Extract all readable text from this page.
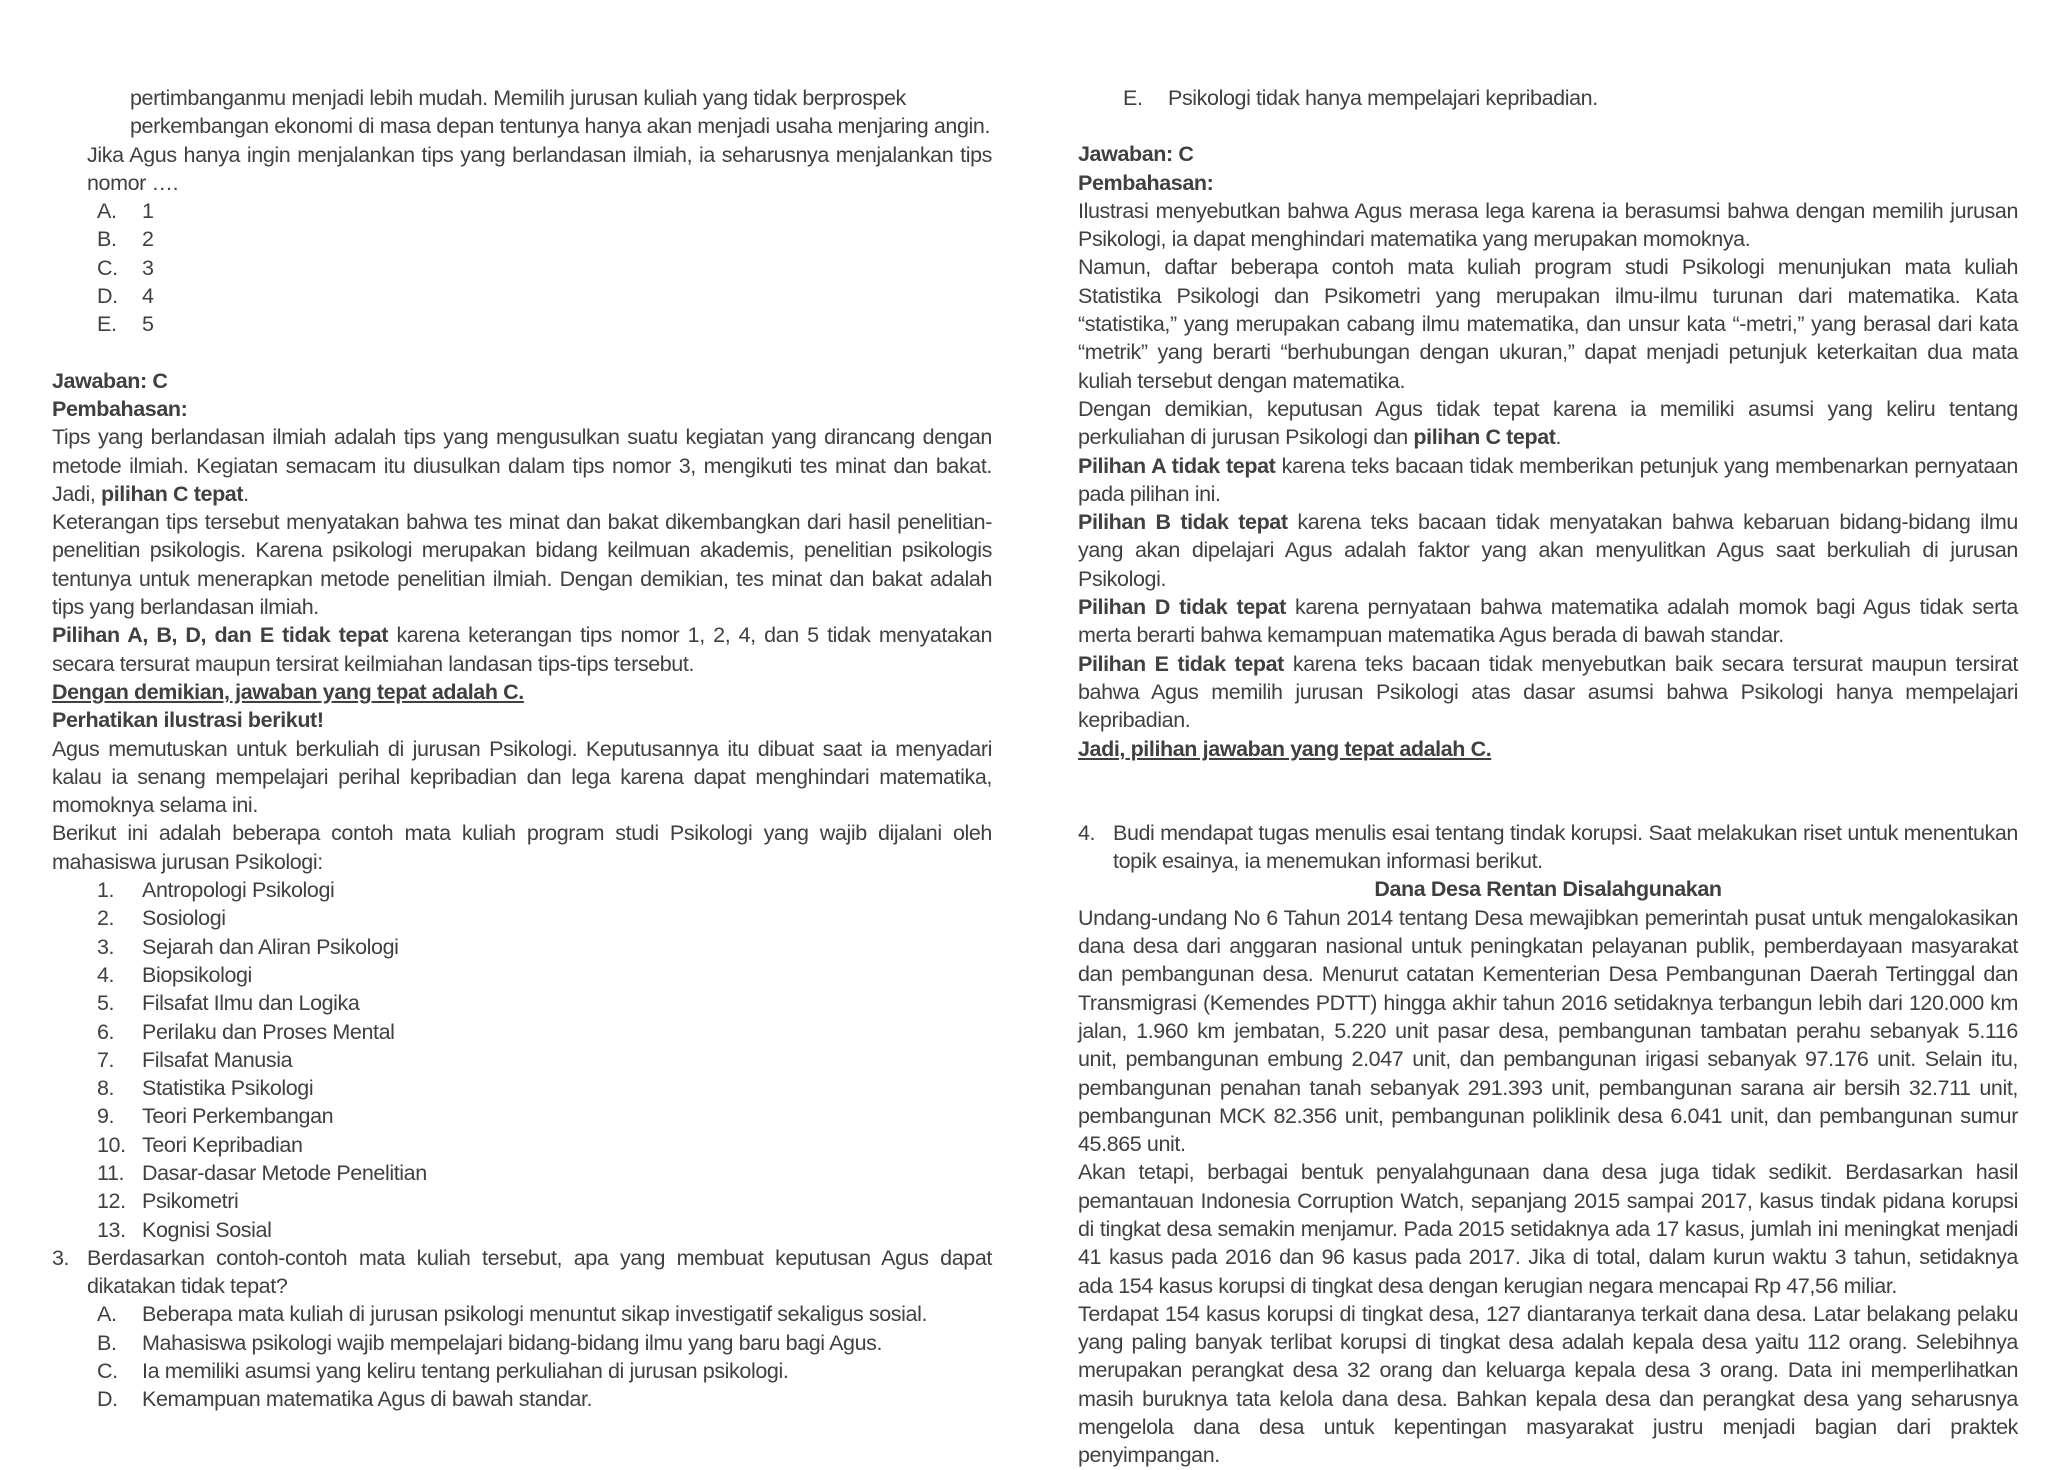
pertimbanganmu menjadi lebih mudah. Memilih jurusan kuliah yang tidak berprospek

perkembangan ekonomi di masa depan tentunya hanya akan menjadi usaha menjaring angin.

Jika Agus hanya ingin menjalankan tips yang berlandasan ilmiah, ia seharusnya menjalankan tips nomor ….

A.	1
B.	2
C.	3
D.	4
E.	5

Jawaban: C

Pembahasan:

Tips yang berlandasan ilmiah adalah tips yang mengusulkan suatu kegiatan yang dirancang dengan metode ilmiah. Kegiatan semacam itu diusulkan dalam tips nomor 3, mengikuti tes minat dan bakat. Jadi, pilihan C tepat.

Keterangan tips tersebut menyatakan bahwa tes minat dan bakat dikembangkan dari hasil penelitian-penelitian psikologis. Karena psikologi merupakan bidang keilmuan akademis, penelitian psikologis tentunya untuk menerapkan metode penelitian ilmiah. Dengan demikian, tes minat dan bakat adalah tips yang berlandasan ilmiah.

Pilihan A, B, D, dan E tidak tepat karena keterangan tips nomor 1, 2, 4, dan 5 tidak menyatakan secara tersurat maupun tersirat keilmiahan landasan tips-tips tersebut.

Dengan demikian, jawaban yang tepat adalah C.

Perhatikan ilustrasi berikut!

Agus memutuskan untuk berkuliah di jurusan Psikologi. Keputusannya itu dibuat saat ia menyadari kalau ia senang mempelajari perihal kepribadian dan lega karena dapat menghindari matematika, momoknya selama ini.

Berikut ini adalah beberapa contoh mata kuliah program studi Psikologi yang wajib dijalani oleh mahasiswa jurusan Psikologi:

1.	Antropologi Psikologi
2.	Sosiologi
3.	Sejarah dan Aliran Psikologi
4.	Biopsikologi
5.	Filsafat Ilmu dan Logika
6.	Perilaku dan Proses Mental
7.	Filsafat Manusia
8.	Statistika Psikologi
9.	Teori Perkembangan
10. Teori Kepribadian
11. Dasar-dasar Metode Penelitian
12. Psikometri
13. Kognisi Sosial
3. Berdasarkan contoh-contoh mata kuliah tersebut, apa yang membuat keputusan Agus dapat dikatakan tidak tepat?
A.	Beberapa mata kuliah di jurusan psikologi menuntut sikap investigatif sekaligus sosial.
B.	Mahasiswa psikologi wajib mempelajari bidang-bidang ilmu yang baru bagi Agus.
C.	Ia memiliki asumsi yang keliru tentang perkuliahan di jurusan psikologi.
D.	Kemampuan matematika Agus di bawah standar.
E.	Psikologi tidak hanya mempelajari kepribadian.

Jawaban: C

Pembahasan:

Ilustrasi menyebutkan bahwa Agus merasa lega karena ia berasumsi bahwa dengan memilih jurusan Psikologi, ia dapat menghindari matematika yang merupakan momoknya.

Namun, daftar beberapa contoh mata kuliah program studi Psikologi menunjukan mata kuliah Statistika Psikologi dan Psikometri yang merupakan ilmu-ilmu turunan dari matematika. Kata “statistika,” yang merupakan cabang ilmu matematika, dan unsur kata “-metri,” yang berasal dari kata “metrik” yang berarti “berhubungan dengan ukuran,” dapat menjadi petunjuk keterkaitan dua mata kuliah tersebut dengan matematika.

Dengan demikian, keputusan Agus tidak tepat karena ia memiliki asumsi yang keliru tentang perkuliahan di jurusan Psikologi dan pilihan C tepat.

Pilihan A tidak tepat karena teks bacaan tidak memberikan petunjuk yang membenarkan pernyataan pada pilihan ini.

Pilihan B tidak tepat karena teks bacaan tidak menyatakan bahwa kebaruan bidang-bidang ilmu yang akan dipelajari Agus adalah faktor yang akan menyulitkan Agus saat berkuliah di jurusan Psikologi.

Pilihan D tidak tepat karena pernyataan bahwa matematika adalah momok bagi Agus tidak serta merta berarti bahwa kemampuan matematika Agus berada di bawah standar.

Pilihan E tidak tepat karena teks bacaan tidak menyebutkan baik secara tersurat maupun tersirat bahwa Agus memilih jurusan Psikologi atas dasar asumsi bahwa Psikologi hanya mempelajari kepribadian.

Jadi, pilihan jawaban yang tepat adalah C.

4. Budi mendapat tugas menulis esai tentang tindak korupsi. Saat melakukan riset untuk menentukan topik esainya, ia menemukan informasi berikut.

Dana Desa Rentan Disalahgunakan

Undang-undang No 6 Tahun 2014 tentang Desa mewajibkan pemerintah pusat untuk mengalokasikan dana desa dari anggaran nasional untuk peningkatan pelayanan publik, pemberdayaan masyarakat dan pembangunan desa. Menurut catatan Kementerian Desa Pembangunan Daerah Tertinggal dan Transmigrasi (Kemendes PDTT) hingga akhir tahun 2016 setidaknya terbangun lebih dari 120.000 km jalan, 1.960 km jembatan, 5.220 unit pasar desa, pembangunan tambatan perahu sebanyak 5.116 unit, pembangunan embung 2.047 unit, dan pembangunan irigasi sebanyak 97.176 unit. Selain itu, pembangunan penahan tanah sebanyak 291.393 unit, pembangunan sarana air bersih 32.711 unit, pembangunan MCK 82.356 unit, pembangunan poliklinik desa 6.041 unit, dan pembangunan sumur 45.865 unit.

Akan tetapi, berbagai bentuk penyalahgunaan dana desa juga tidak sedikit. Berdasarkan hasil pemantauan Indonesia Corruption Watch, sepanjang 2015 sampai 2017, kasus tindak pidana korupsi di tingkat desa semakin menjamur. Pada 2015 setidaknya ada 17 kasus, jumlah ini meningkat menjadi 41 kasus pada 2016 dan 96 kasus pada 2017. Jika di total, dalam kurun waktu 3 tahun, setidaknya ada 154 kasus korupsi di tingkat desa dengan kerugian negara mencapai Rp 47,56 miliar.

Terdapat 154 kasus korupsi di tingkat desa, 127 diantaranya terkait dana desa. Latar belakang pelaku yang paling banyak terlibat korupsi di tingkat desa adalah kepala desa yaitu 112 orang. Selebihnya merupakan perangkat desa 32 orang dan keluarga kepala desa 3 orang. Data ini memperlihatkan masih buruknya tata kelola dana desa. Bahkan kepala desa dan perangkat desa yang seharusnya mengelola dana desa untuk kepentingan masyarakat justru menjadi bagian dari praktek penyimpangan.
